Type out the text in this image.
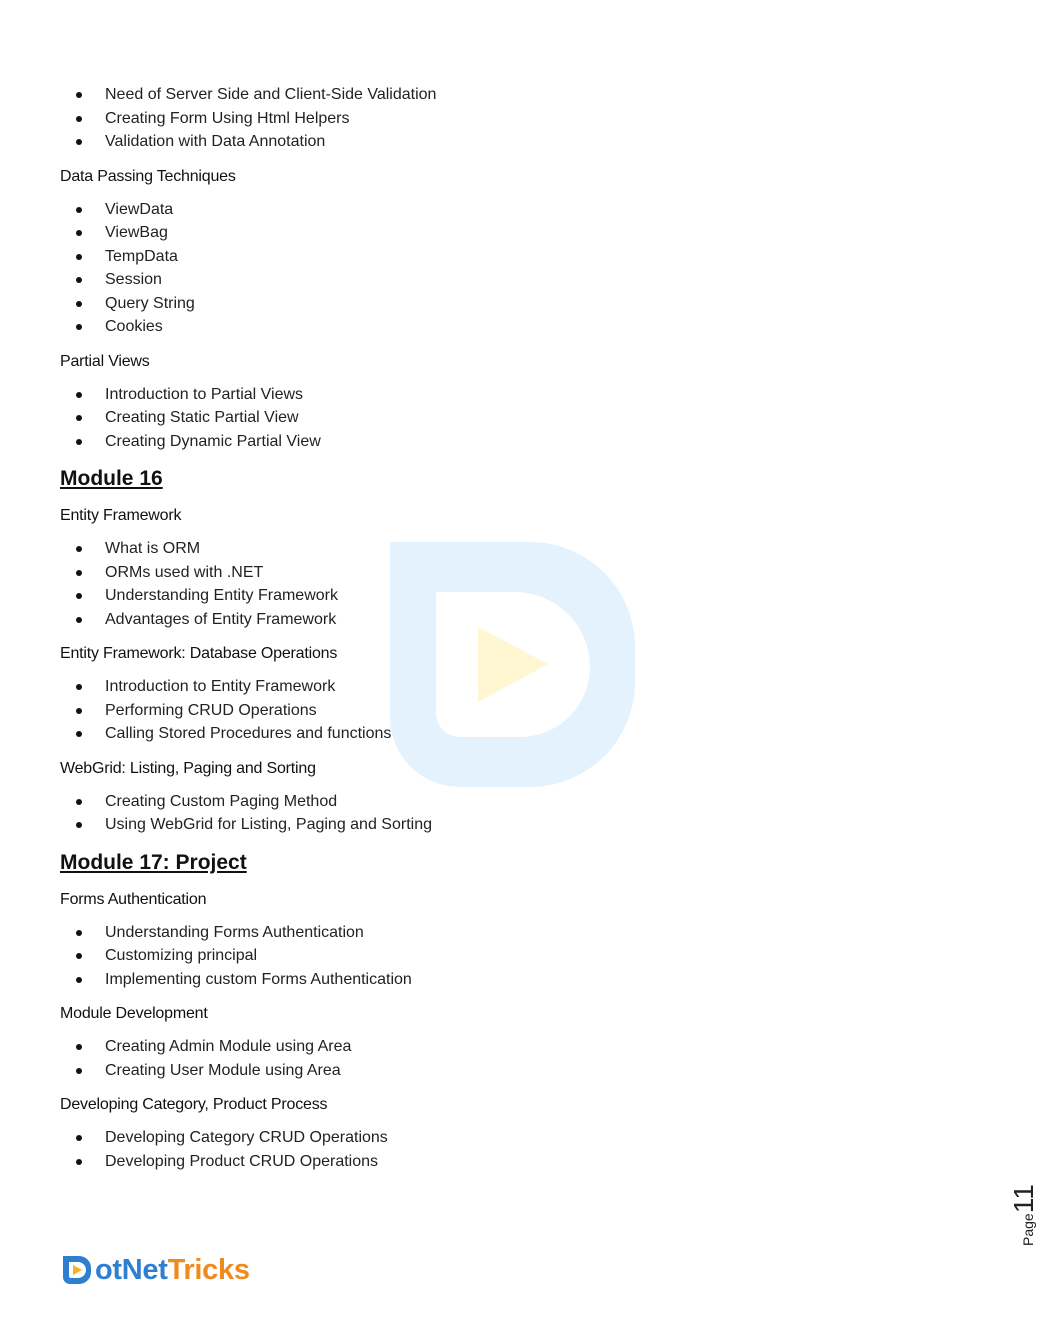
Need of Server Side and Client-Side Validation
Creating Form Using Html Helpers
Validation with Data Annotation
Data Passing Techniques
ViewData
ViewBag
TempData
Session
Query String
Cookies
Partial Views
Introduction to Partial Views
Creating Static Partial View
Creating Dynamic Partial View
Module 16
Entity Framework
What is ORM
ORMs used with .NET
Understanding Entity Framework
Advantages of Entity Framework
Entity Framework: Database Operations
Introduction to Entity Framework
Performing CRUD Operations
Calling Stored Procedures and functions
WebGrid: Listing, Paging and Sorting
Creating Custom Paging Method
Using WebGrid for Listing, Paging and Sorting
Module 17: Project
Forms Authentication
Understanding Forms Authentication
Customizing principal
Implementing custom Forms Authentication
Module Development
Creating Admin Module using Area
Creating User Module using Area
Developing Category, Product Process
Developing Category CRUD Operations
Developing Product CRUD Operations
Page11
otNetTricks
